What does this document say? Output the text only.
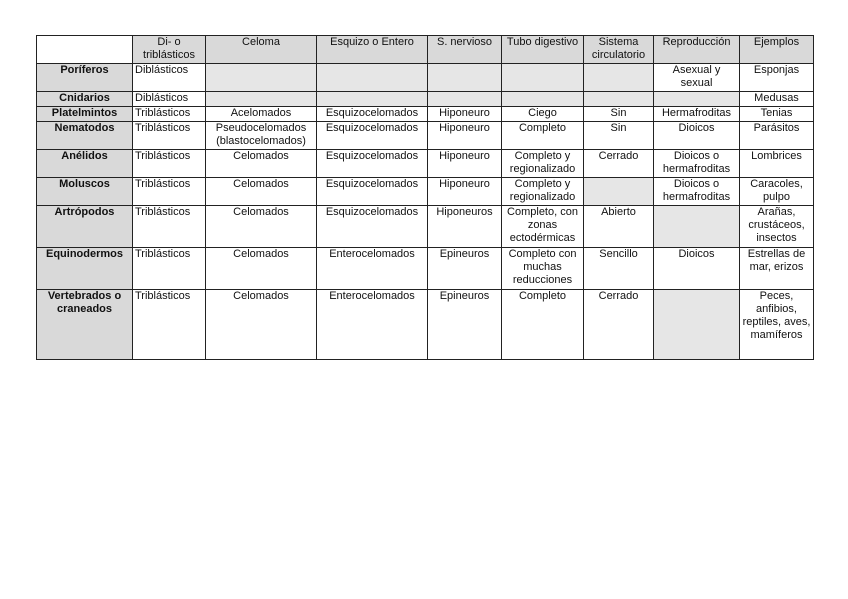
	Di- o triblásticos	Celoma	Esquizo o Entero	S. nervioso	Tubo digestivo	Sistema circulatorio	Reproducción	Ejemplos
Poríferos	Diblásticos						Asexual y sexual	Esponjas
Cnidarios	Diblásticos							Medusas
Platelmintos	Triblásticos	Acelomados	Esquizocelomados	Hiponeuro	Ciego	Sin	Hermafroditas	Tenias
Nematodos	Triblásticos	Pseudocelomados (blastocelomados)	Esquizocelomados	Hiponeuro	Completo	Sin	Dioicos	Parásitos
Anélidos	Triblásticos	Celomados	Esquizocelomados	Hiponeuro	Completo y regionalizado	Cerrado	Dioicos o hermafroditas	Lombrices
Moluscos	Triblásticos	Celomados	Esquizocelomados	Hiponeuro	Completo y regionalizado		Dioicos o hermafroditas	Caracoles, pulpo
Artrópodos	Triblásticos	Celomados	Esquizocelomados	Hiponeuros	Completo, con zonas ectodérmicas	Abierto		Arañas, crustáceos, insectos
Equinodermos	Triblásticos	Celomados	Enterocelomados	Epineuros	Completo con muchas reducciones	Sencillo	Dioicos	Estrellas de mar, erizos
Vertebrados o craneados	Triblásticos	Celomados	Enterocelomados	Epineuros	Completo	Cerrado		Peces, anfibios, reptiles, aves, mamíferos
